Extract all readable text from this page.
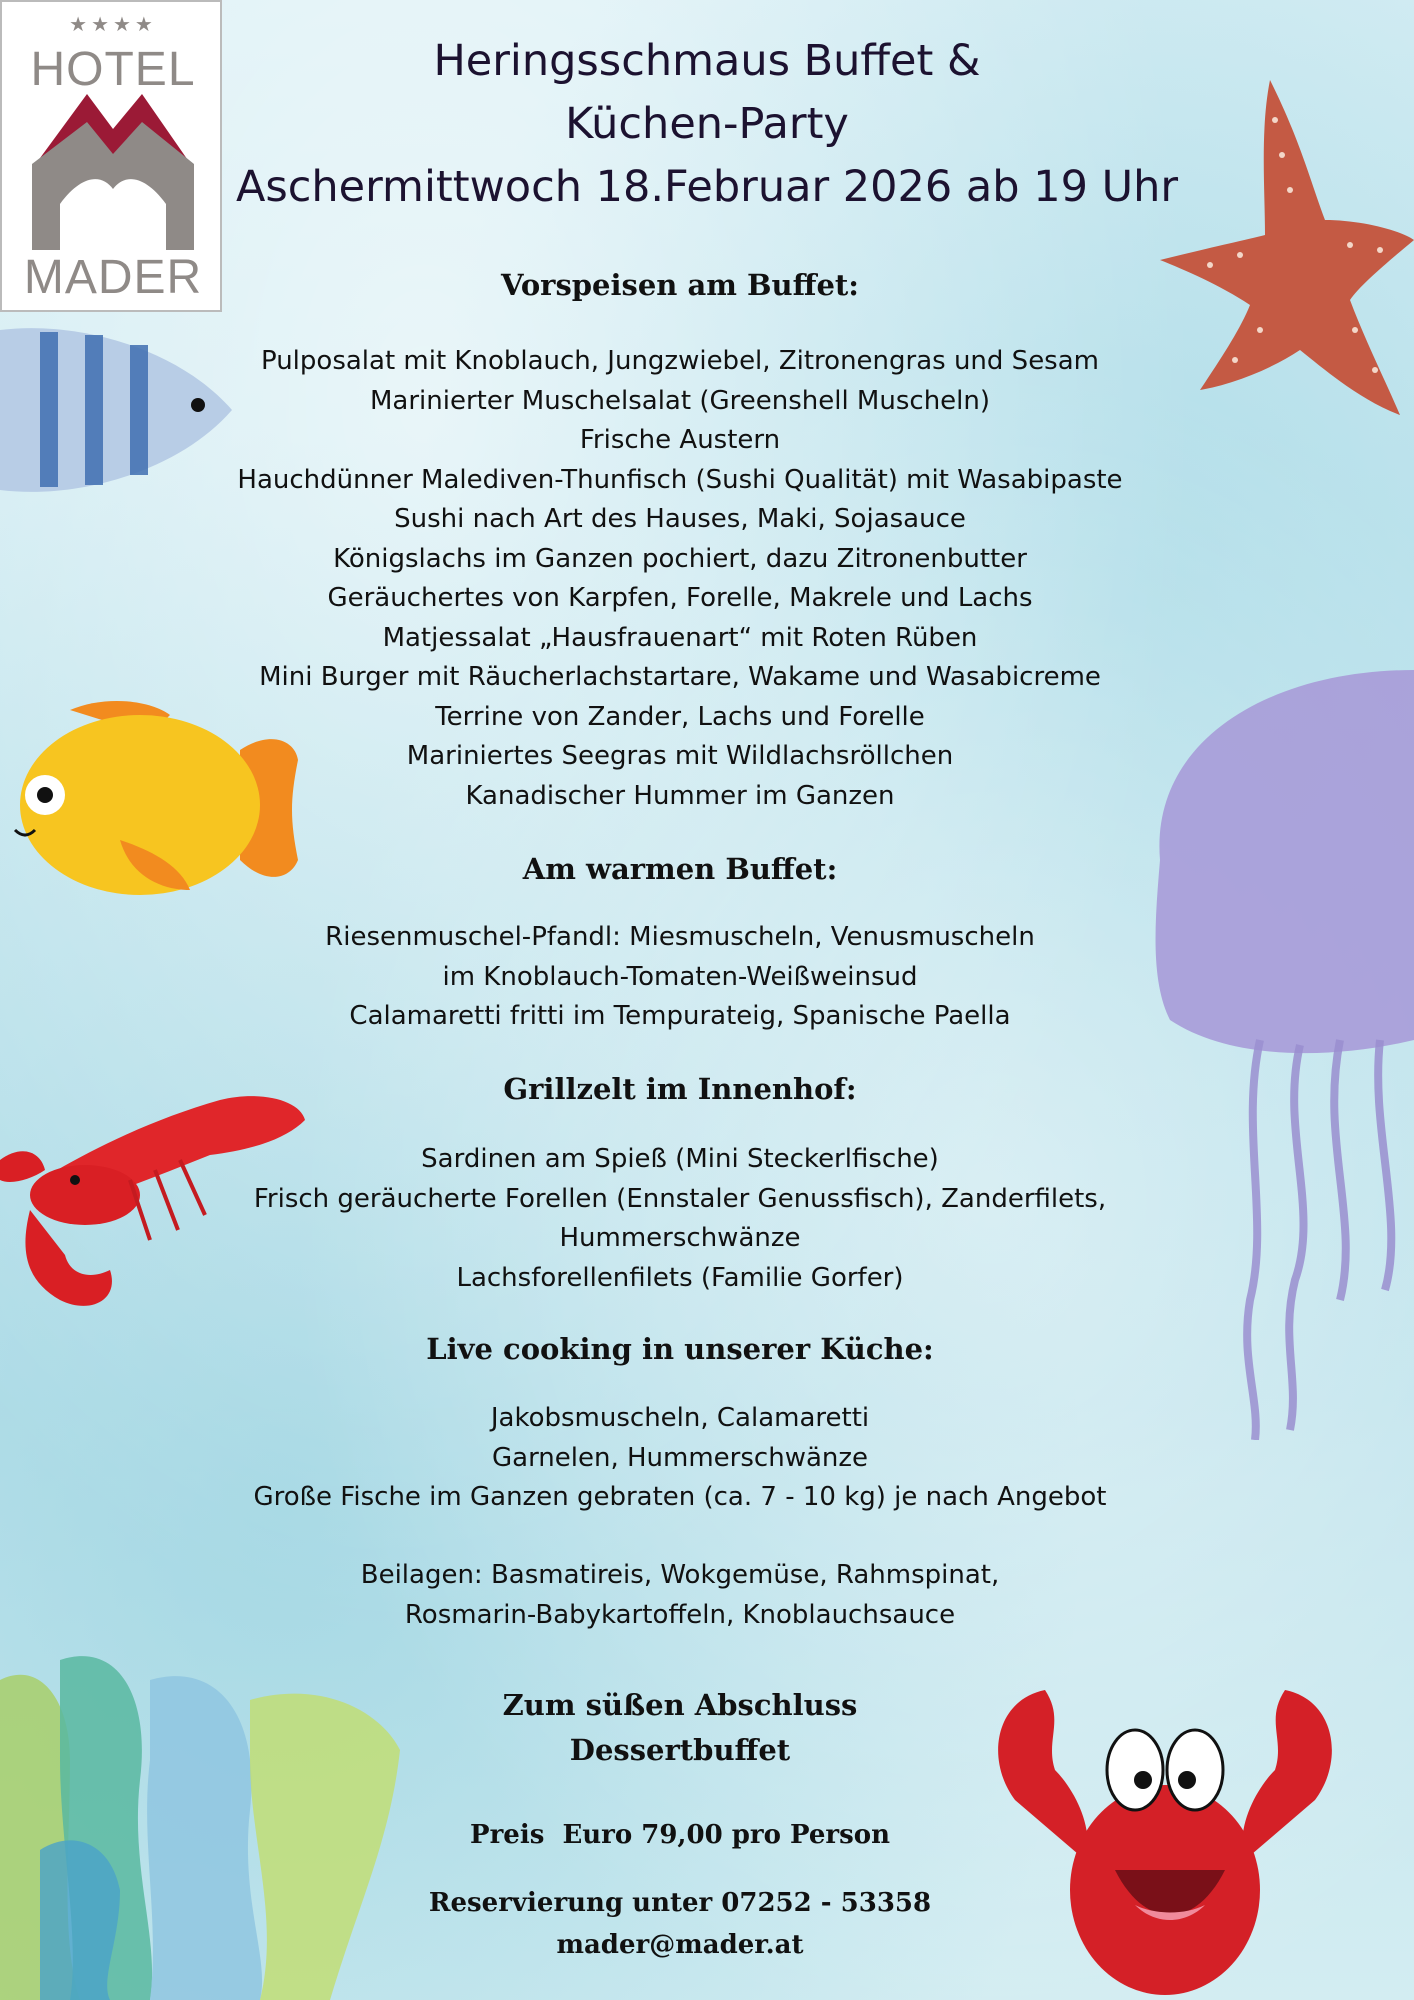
★★★★
HOTEL
MADER
Heringsschmaus Buffet &
Küchen-Party
Aschermittwoch 18.Februar 2026 ab 19 Uhr
Vorspeisen am Buffet:
Pulposalat mit Knoblauch, Jungzwiebel, Zitronengras und Sesam
Marinierter Muschelsalat (Greenshell Muscheln)
Frische Austern
Hauchdünner Malediven-Thunfisch (Sushi Qualität) mit Wasabipaste
Sushi nach Art des Hauses, Maki, Sojasauce
Königslachs im Ganzen pochiert, dazu Zitronenbutter
Geräuchertes von Karpfen, Forelle, Makrele und Lachs
Matjessalat „Hausfrauenart“ mit Roten Rüben
Mini Burger mit Räucherlachstartare, Wakame und Wasabicreme
Terrine von Zander, Lachs und Forelle
Mariniertes Seegras mit Wildlachsröllchen
Kanadischer Hummer im Ganzen
Am warmen Buffet:
Riesenmuschel-Pfandl: Miesmuscheln, Venusmuscheln
im Knoblauch-Tomaten-Weißweinsud
Calamaretti fritti im Tempurateig, Spanische Paella
Grillzelt im Innenhof:
Sardinen am Spieß (Mini Steckerlfische)
Frisch geräucherte Forellen (Ennstaler Genussfisch), Zanderfilets,
Hummerschwänze
Lachsforellenfilets (Familie Gorfer)
Live cooking in unserer Küche:
Jakobsmuscheln, Calamaretti
Garnelen, Hummerschwänze
Große Fische im Ganzen gebraten (ca. 7 - 10 kg) je nach Angebot
Beilagen: Basmatireis, Wokgemüse, Rahmspinat,
Rosmarin-Babykartoffeln, Knoblauchsauce
Zum süßen Abschluss
Dessertbuffet
Preis  Euro 79,00 pro Person
Reservierung unter 07252 - 53358
mader@mader.at
